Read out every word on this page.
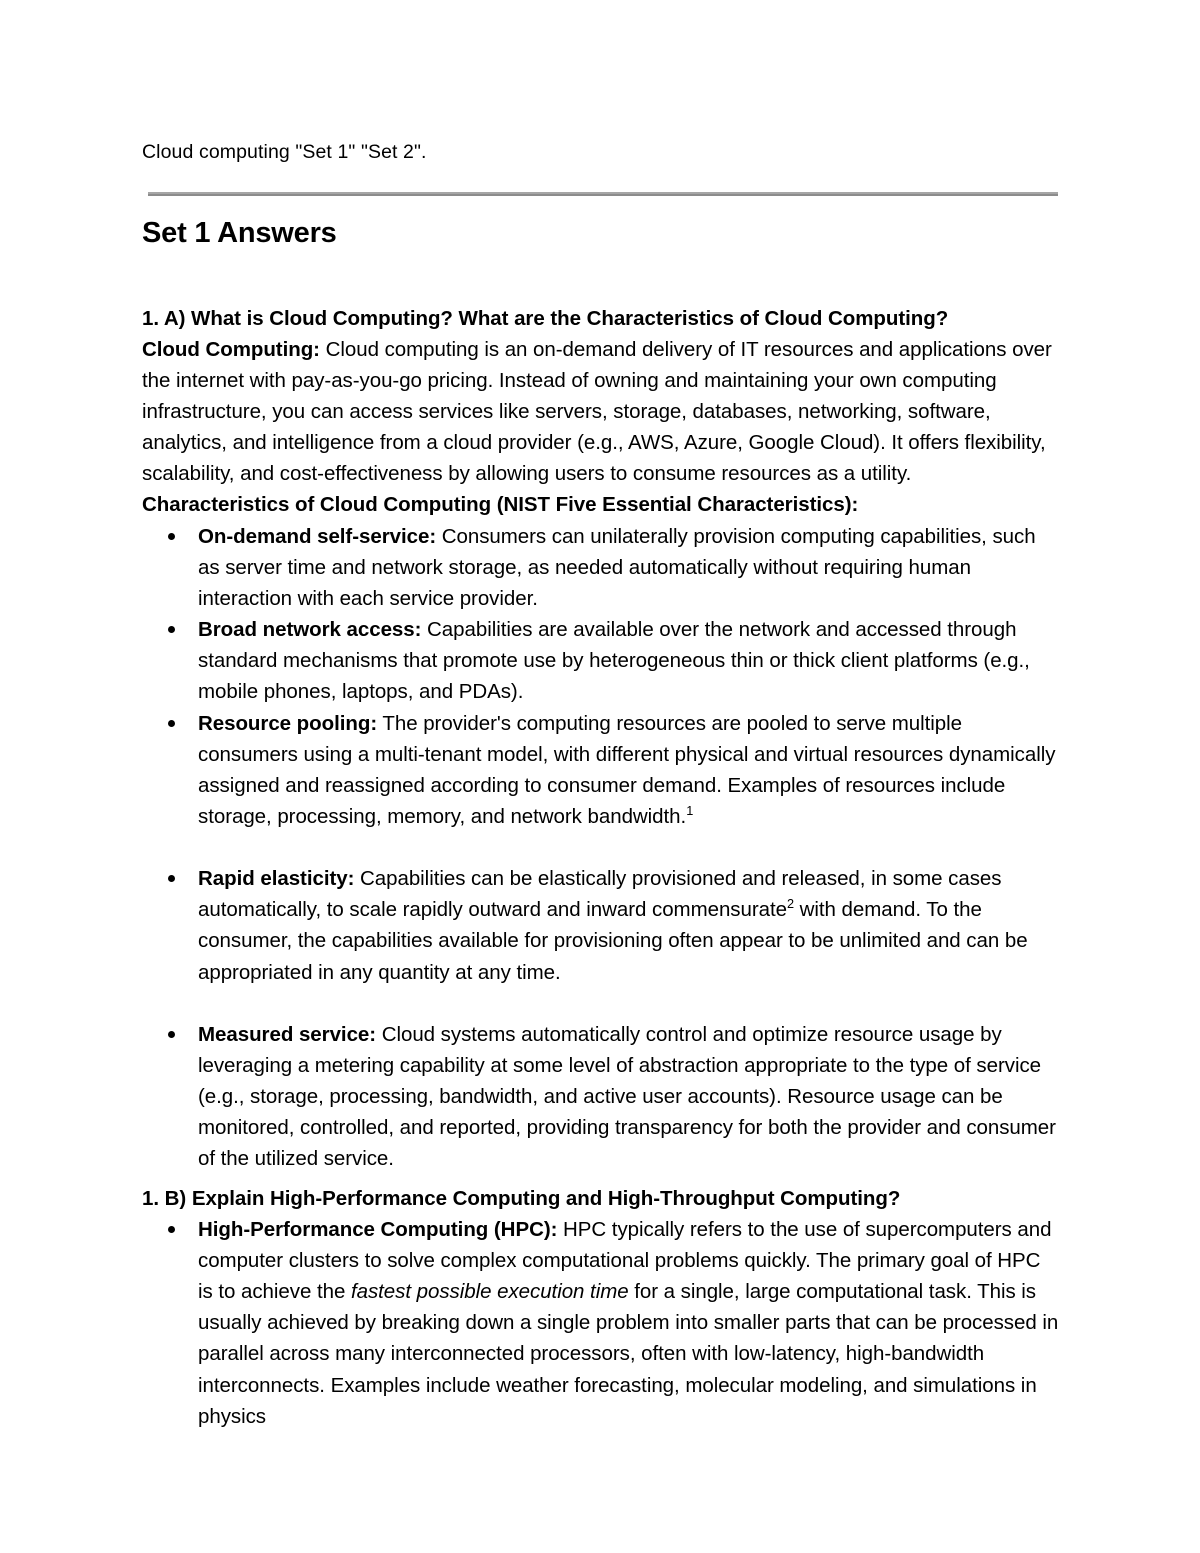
Cloud computing "Set 1" "Set 2".
Set 1 Answers
1. A) What is Cloud Computing? What are the Characteristics of Cloud Computing?

Cloud Computing: Cloud computing is an on-demand delivery of IT resources and applications over the internet with pay-as-you-go pricing. Instead of owning and maintaining your own computing infrastructure, you can access services like servers, storage, databases, networking, software, analytics, and intelligence from a cloud provider (e.g., AWS, Azure, Google Cloud). It offers flexibility, scalability, and cost-effectiveness by allowing users to consume resources as a utility.

Characteristics of Cloud Computing (NIST Five Essential Characteristics):
On-demand self-service: Consumers can unilaterally provision computing capabilities, such as server time and network storage, as needed automatically without requiring human interaction with each service provider.
Broad network access: Capabilities are available over the network and accessed through standard mechanisms that promote use by heterogeneous thin or thick client platforms (e.g., mobile phones, laptops, and PDAs).
Resource pooling: The provider's computing resources are pooled to serve multiple consumers using a multi-tenant model, with different physical and virtual resources dynamically assigned and reassigned according to consumer demand. Examples of resources include storage, processing, memory, and network bandwidth.$^1$
Rapid elasticity: Capabilities can be elastically provisioned and released, in some cases automatically, to scale rapidly outward and inward commensurate$^2$ with demand. To the consumer, the capabilities available for provisioning often appear to be unlimited and can be appropriated in any quantity at any time.
Measured service: Cloud systems automatically control and optimize resource usage by leveraging a metering capability at some level of abstraction appropriate to the type of service (e.g., storage, processing, bandwidth, and active user accounts). Resource usage can be monitored, controlled, and reported, providing transparency for both the provider and consumer of the utilized service.
1. B) Explain High-Performance Computing and High-Throughput Computing?
High-Performance Computing (HPC): HPC typically refers to the use of supercomputers and computer clusters to solve complex computational problems quickly. The primary goal of HPC is to achieve the fastest possible execution time for a single, large computational task. This is usually achieved by breaking down a single problem into smaller parts that can be processed in parallel across many interconnected processors, often with low-latency, high-bandwidth interconnects. Examples include weather forecasting, molecular modeling, and simulations in physics
